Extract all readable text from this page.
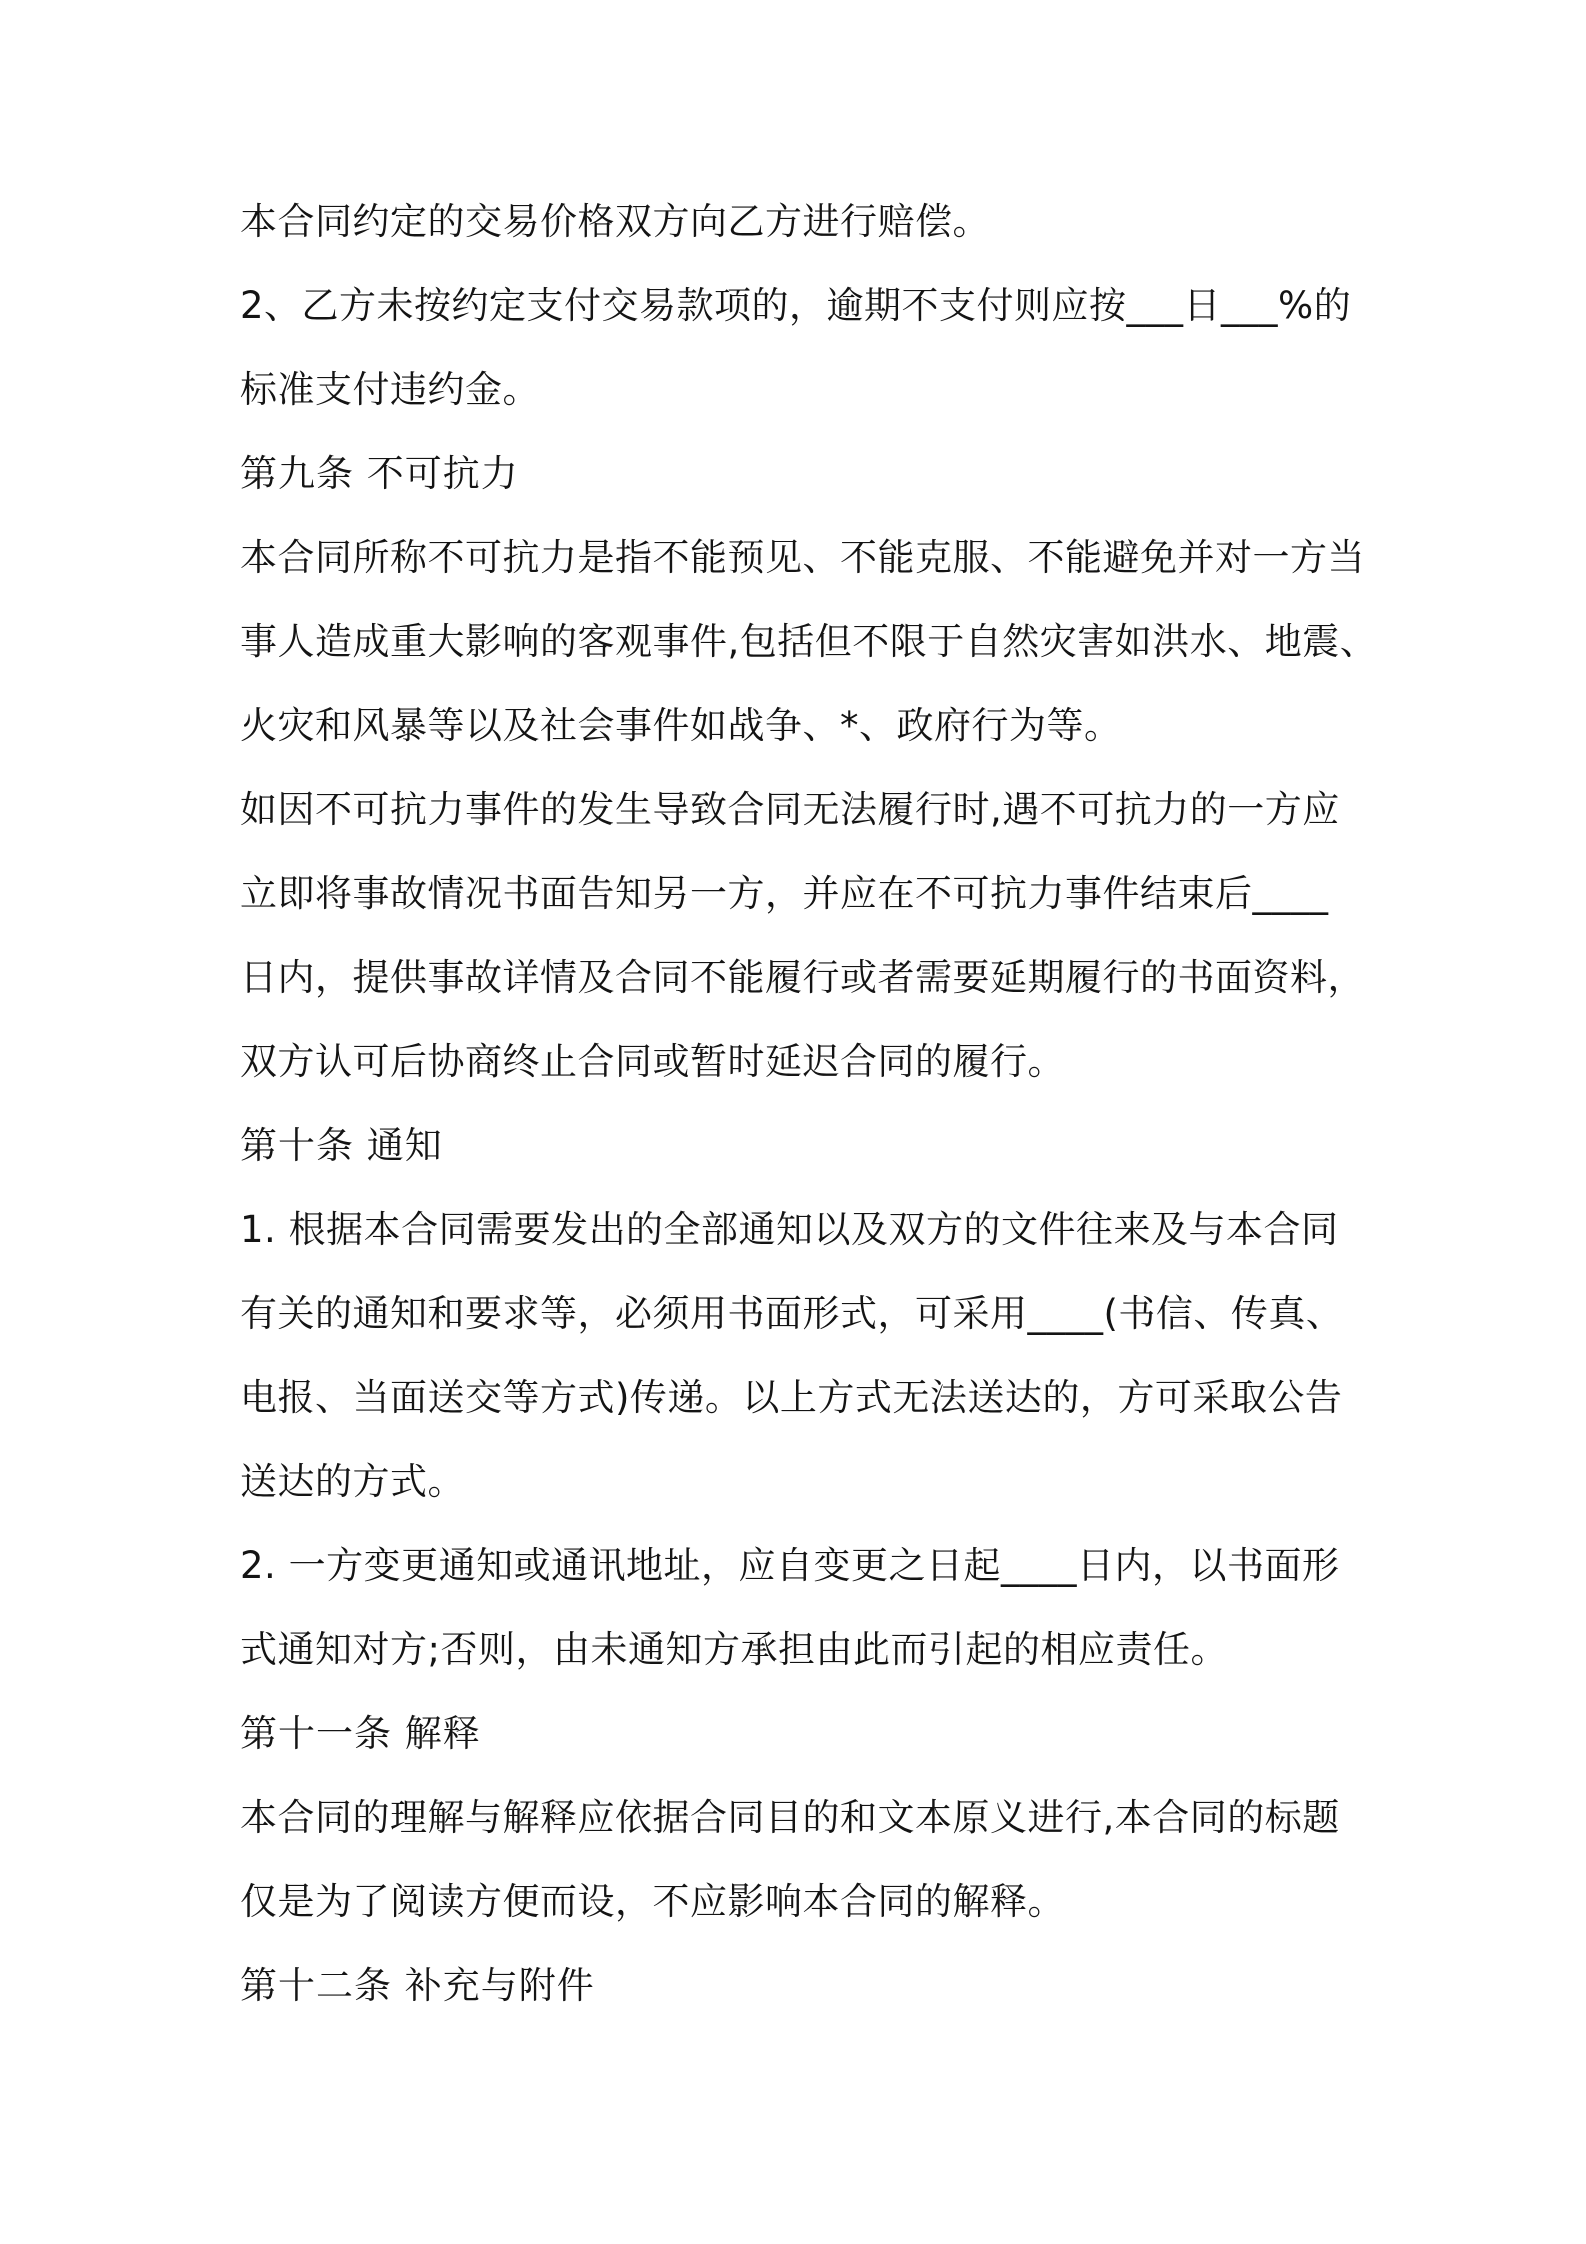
本合同约定的交易价格双方向乙方进行赔偿。
2、乙方未按约定支付交易款项的，逾期不支付则应按___日___%的
标准支付违约金。
第九条 不可抗力
本合同所称不可抗力是指不能预见、不能克服、不能避免并对一方当
事人造成重大影响的客观事件,包括但不限于自然灾害如洪水、地震、
火灾和风暴等以及社会事件如战争、*、政府行为等。
如因不可抗力事件的发生导致合同无法履行时,遇不可抗力的一方应
立即将事故情况书面告知另一方，并应在不可抗力事件结束后____
日内，提供事故详情及合同不能履行或者需要延期履行的书面资料，
双方认可后协商终止合同或暂时延迟合同的履行。
第十条 通知
1. 根据本合同需要发出的全部通知以及双方的文件往来及与本合同
有关的通知和要求等，必须用书面形式，可采用____(书信、传真、
电报、当面送交等方式)传递。以上方式无法送达的，方可采取公告
送达的方式。
2. 一方变更通知或通讯地址，应自变更之日起____日内，以书面形
式通知对方;否则，由未通知方承担由此而引起的相应责任。
第十一条 解释
本合同的理解与解释应依据合同目的和文本原义进行,本合同的标题
仅是为了阅读方便而设，不应影响本合同的解释。
第十二条 补充与附件
